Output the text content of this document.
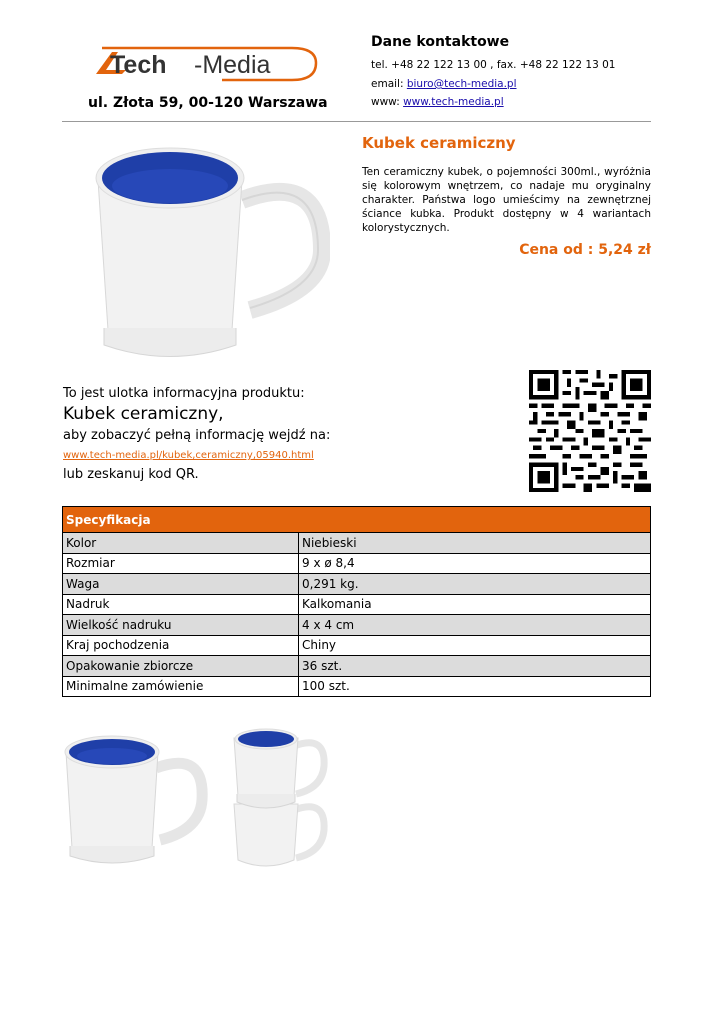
Tech -Media
ul. Złota 59, 00-120 Warszawa
Dane kontaktowe
tel. +48 22 122 13 00 , fax. +48 22 122 13 01
email: biuro@tech-media.pl
www: www.tech-media.pl
Kubek ceramiczny
Ten ceramiczny kubek, o pojemności 300ml., wyróżnia się kolorowym wnętrzem, co nadaje mu oryginalny charakter. Państwa logo umieścimy na zewnętrznej ściance kubka. Produkt dostępny w 4 wariantach kolorystycznych.
Cena od : 5,24 zł
To jest ulotka informacyjna produktu:
Kubek ceramiczny,
aby zobaczyć pełną informację wejdź na:
www.tech-media.pl/kubek,ceramiczny,05940.html
lub zeskanuj kod QR.
Specyfikacja	
Kolor	Niebieski
Rozmiar	9 x ø 8,4
Waga	0,291 kg.
Nadruk	Kalkomania
Wielkość nadruku	4 x 4 cm
Kraj pochodzenia	Chiny
Opakowanie zbiorcze	36 szt.
Minimalne zamówienie	100 szt.
